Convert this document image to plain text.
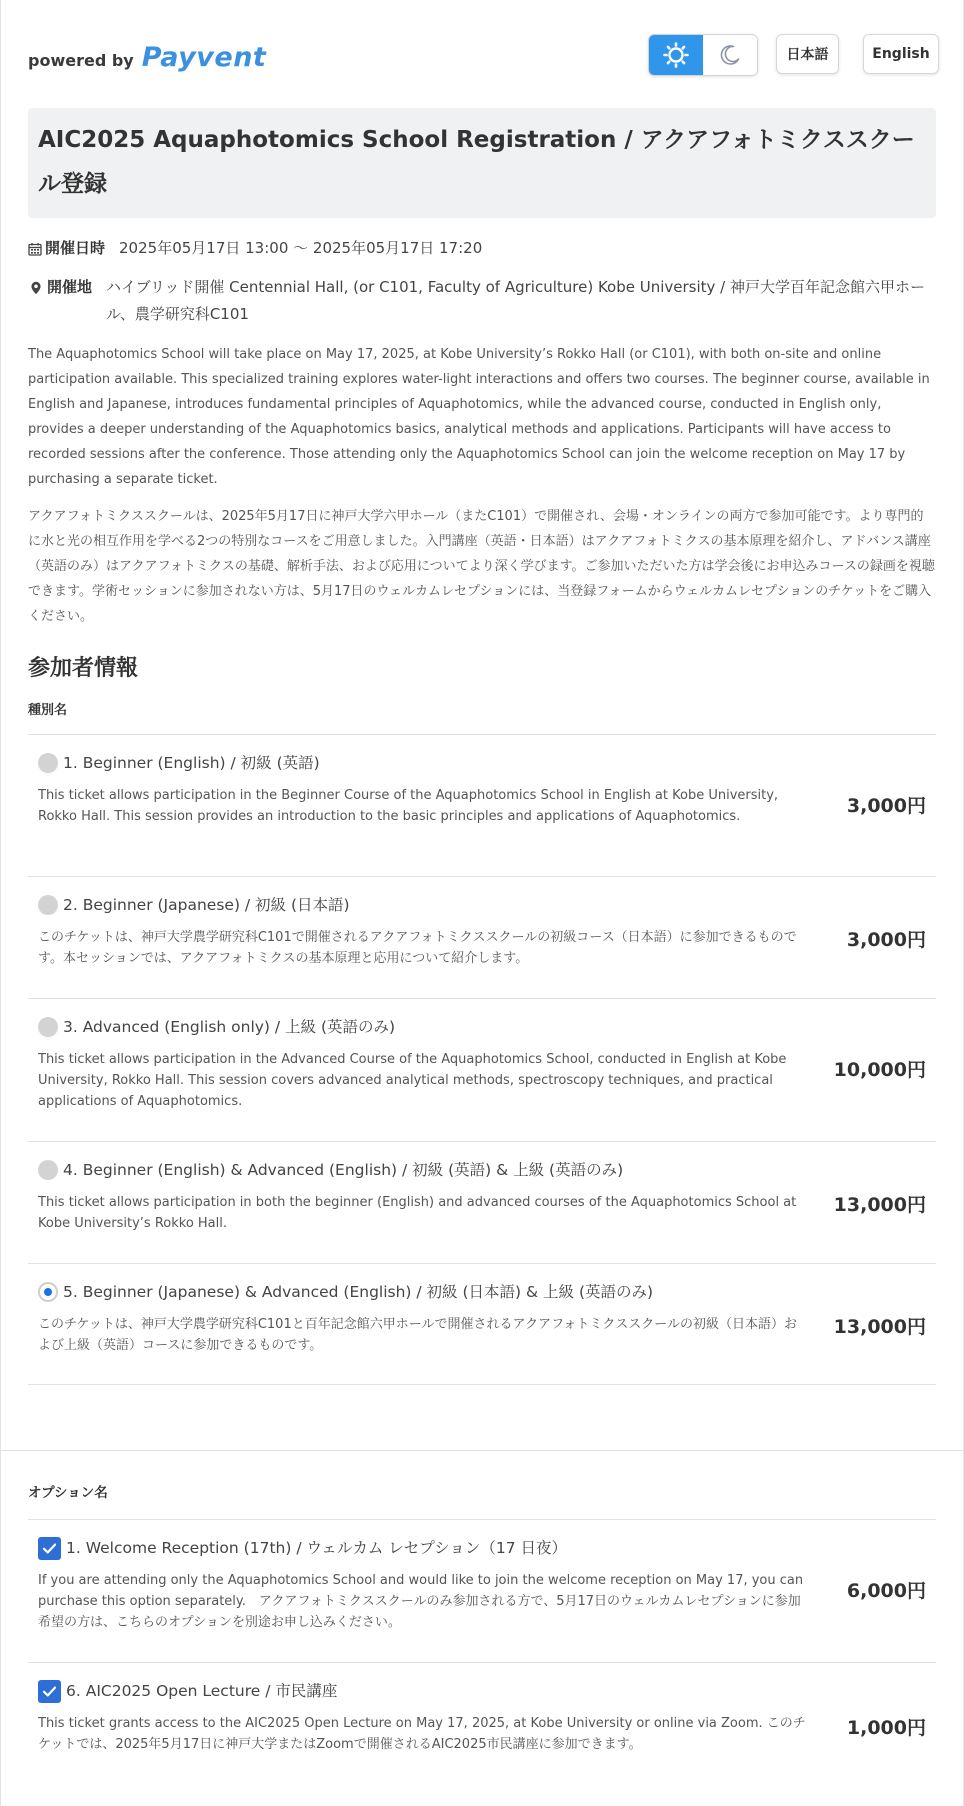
powered by Payvent	日本語	English
AIC2025 Aquaphotomics School Registration / アクアフォトミクススクール登録
開催日時 2025年05月17日 13:00 〜 2025年05月17日 17:20
開催地 ハイブリッド開催 Centennial Hall, (or C101, Faculty of Agriculture) Kobe University / 神戸大学百年記念館六甲ホール、農学研究科C101

The Aquaphotomics School will take place on May 17, 2025, at Kobe University’s Rokko Hall (or C101), with both on-site and online participation available. This specialized training explores water-light interactions and offers two courses. The beginner course, available in English and Japanese, introduces fundamental principles of Aquaphotomics, while the advanced course, conducted in English only, provides a deeper understanding of the Aquaphotomics basics, analytical methods and applications. Participants will have access to recorded sessions after the conference. Those attending only the Aquaphotomics School can join the welcome reception on May 17 by purchasing a separate ticket.

アクアフォトミクススクールは、2025年5月17日に神戸大学六甲ホール（またC101）で開催され、会場・オンラインの両方で参加可能です。より専門的に水と光の相互作用を学べる2つの特別なコースをご用意しました。入門講座（英語・日本語）はアクアフォトミクスの基本原理を紹介し、アドバンス講座（英語のみ）はアクアフォトミクスの基礎、解析手法、および応用についてより深く学びます。ご参加いただいた方は学会後にお申込みコースの録画を視聴できます。学術セッションに参加されない方は、5月17日のウェルカムレセプションには、当登録フォームからウェルカムレセプションのチケットをご購入ください。

参加者情報
種別名
1. Beginner (English) / 初級 (英語)
This ticket allows participation in the Beginner Course of the Aquaphotomics School in English at Kobe University, Rokko Hall. This session provides an introduction to the basic principles and applications of Aquaphotomics.	3,000円
2. Beginner (Japanese) / 初級 (日本語)
このチケットは、神戸大学農学研究科C101で開催されるアクアフォトミクススクールの初級コース（日本語）に参加できるものです。本セッションでは、アクアフォトミクスの基本原理と応用について紹介します。
3,000円
3. Advanced (English only) / 上級 (英語のみ)
This ticket allows participation in the Advanced Course of the Aquaphotomics School, conducted in English at Kobe University, Rokko Hall. This session covers advanced analytical methods, spectroscopy techniques, and practical applications of Aquaphotomics.
10,000円
4. Beginner (English) & Advanced (English) / 初級 (英語) & 上級 (英語のみ)
This ticket allows participation in both the beginner (English) and advanced courses of the Aquaphotomics School at Kobe University’s Rokko Hall.
13,000円
5. Beginner (Japanese) & Advanced (English) / 初級 (日本語) & 上級 (英語のみ)
このチケットは、神戸大学農学研究科C101と百年記念館六甲ホールで開催されるアクアフォトミクススクールの初級（日本語）および上級（英語）コースに参加できるものです。
13,000円
オプション名
1. Welcome Reception (17th) / ウェルカム レセプション（17 日夜）
If you are attending only the Aquaphotomics School and would like to join the welcome reception on May 17, you can purchase this option separately.　アクアフォトミクススクールのみ参加される方で、5月17日のウェルカムレセプションに参加希望の方は、こちらのオプションを別途お申し込みください。
6,000円
6. AIC2025 Open Lecture / 市民講座
This ticket grants access to the AIC2025 Open Lecture on May 17, 2025, at Kobe University or online via Zoom. このチケットでは、2025年5月17日に神戸大学またはZoomで開催されるAIC2025市民講座に参加できます。
1,000円
